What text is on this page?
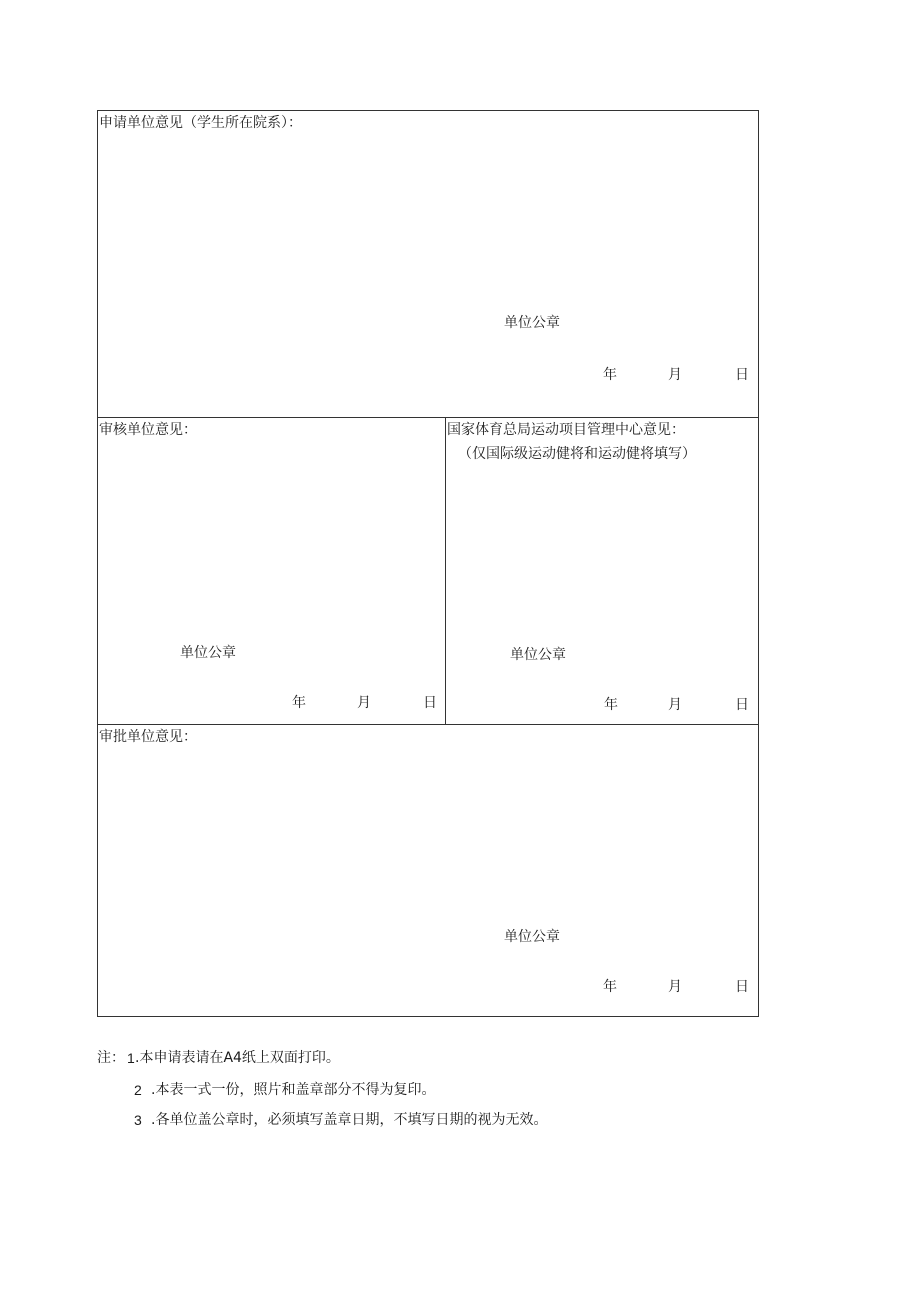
申请单位意见（学生所在院系）：
单位公章
年	月	日
审核单位意见：
单位公章
年	月	日
国家体育总局运动项目管理中心意见：
（仅国际级运动健将和运动健将填写）
单位公章
年	月	日
审批单位意见：
单位公章
年	月	日
注： 1 .本申请表请在A4纸上双面打印。
2 .本表一式一份，照片和盖章部分不得为复印。
3 .各单位盖公章时，必须填写盖章日期，不填写日期的视为无效。
